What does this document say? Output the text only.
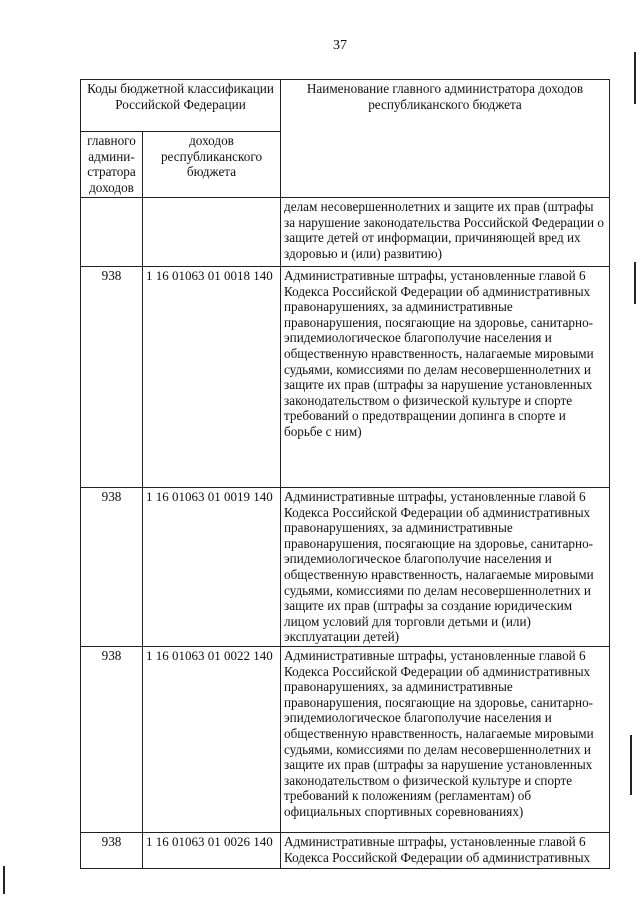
37
Коды бюджетной классификации Российской Федерации		Наименование главного администратора доходов республиканского бюджета
главного админи-стратора доходов	доходов республиканского бюджета	
		делам несовершеннолетних и защите их прав (штрафы за нарушение законодательства Российской Федерации о защите детей от информации, причиняющей вред их здоровью и (или) развитию)
938	1 16 01063 01 0018 140	Административные штрафы, установленные главой 6 Кодекса Российской Федерации об административных правонарушениях, за административные правонарушения, посягающие на здоровье, санитарно-эпидемиологическое благополучие населения и общественную нравственность, налагаемые мировыми судьями, комиссиями по делам несовершеннолетних и защите их прав (штрафы за нарушение установленных законодательством о физической культуре и спорте требований о предотвращении допинга в спорте и борьбе с ним)
938	1 16 01063 01 0019 140	Административные штрафы, установленные главой 6 Кодекса Российской Федерации об административных правонарушениях, за административные правонарушения, посягающие на здоровье, санитарно-эпидемиологическое благополучие населения и общественную нравственность, налагаемые мировыми судьями, комиссиями по делам несовершеннолетних и защите их прав (штрафы за создание юридическим лицом условий для торговли детьми и (или) эксплуатации детей)
938	1 16 01063 01 0022 140	Административные штрафы, установленные главой 6 Кодекса Российской Федерации об административных правонарушениях, за административные правонарушения, посягающие на здоровье, санитарно-эпидемиологическое благополучие населения и общественную нравственность, налагаемые мировыми судьями, комиссиями по делам несовершеннолетних и защите их прав (штрафы за нарушение установленных законодательством о физической культуре и спорте требований к положениям (регламентам) об официальных спортивных соревнованиях)
938	1 16 01063 01 0026 140	Административные штрафы, установленные главой 6 Кодекса Российской Федерации об административных
